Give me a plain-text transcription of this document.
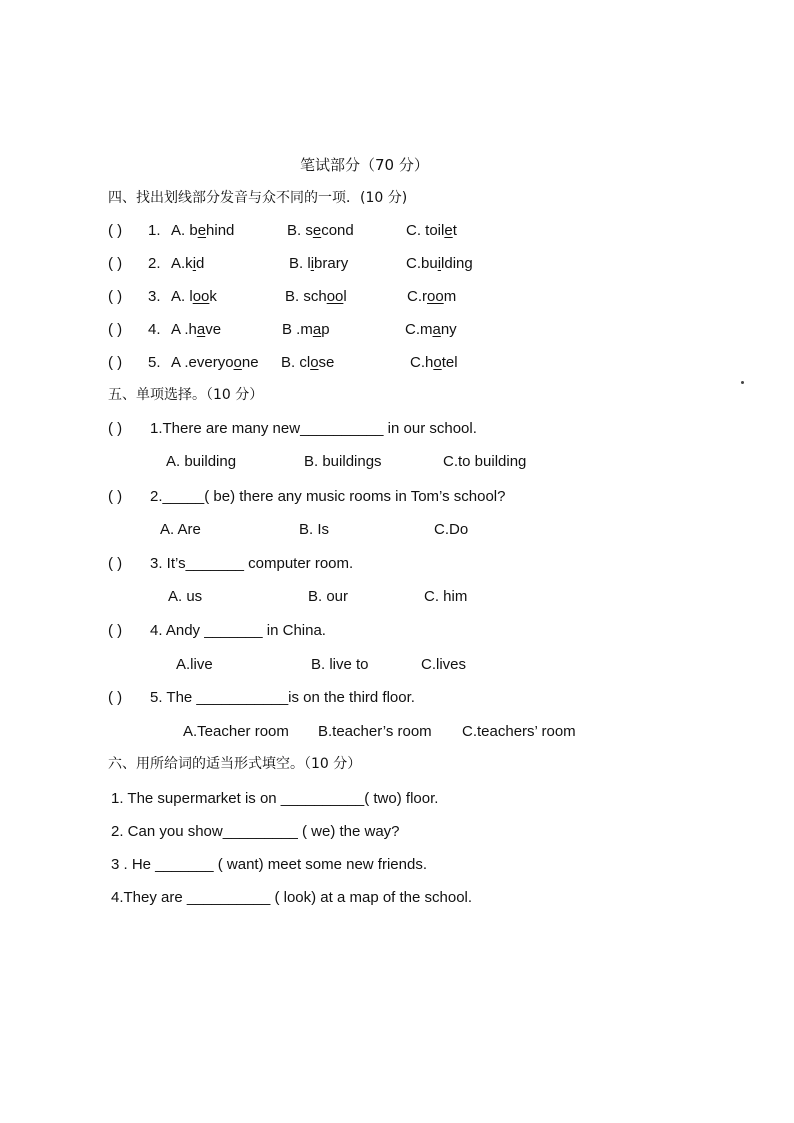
笔试部分（70 分）
四、找出划线部分发音与众不同的一项．(10 分)
( ) 1. A. behind	B. second	C. toilet
( ) 2. A.kid	B. library	C.building
( ) 3. A. look	B. school	C.room
( ) 4. A .have	B .map	C.many
( ) 5. A .everyoone B. close	C.hotel
五、单项选择。（10 分）
( ) 1.There are many new__________ in our school.
A. building	B. buildings	C.to building
( ) 2._____( be) there any music rooms in Tom’s school?
A. Are	B. Is	C.Do
( ) 3. It’s_______ computer room.
A. us	B. our	C. him
( ) 4. Andy _______ in China.
A.live	B. live to	C.lives
( ) 5. The ___________is on the third floor.
A.Teacher room B.teacher’s room C.teachers’ room
六、用所给词的适当形式填空。（10 分）
1. The supermarket is on __________( two) floor.
2. Can you show_________ ( we) the way?
3 . He _______ ( want) meet some new friends.
4.They are __________ ( look) at a map of the school.
